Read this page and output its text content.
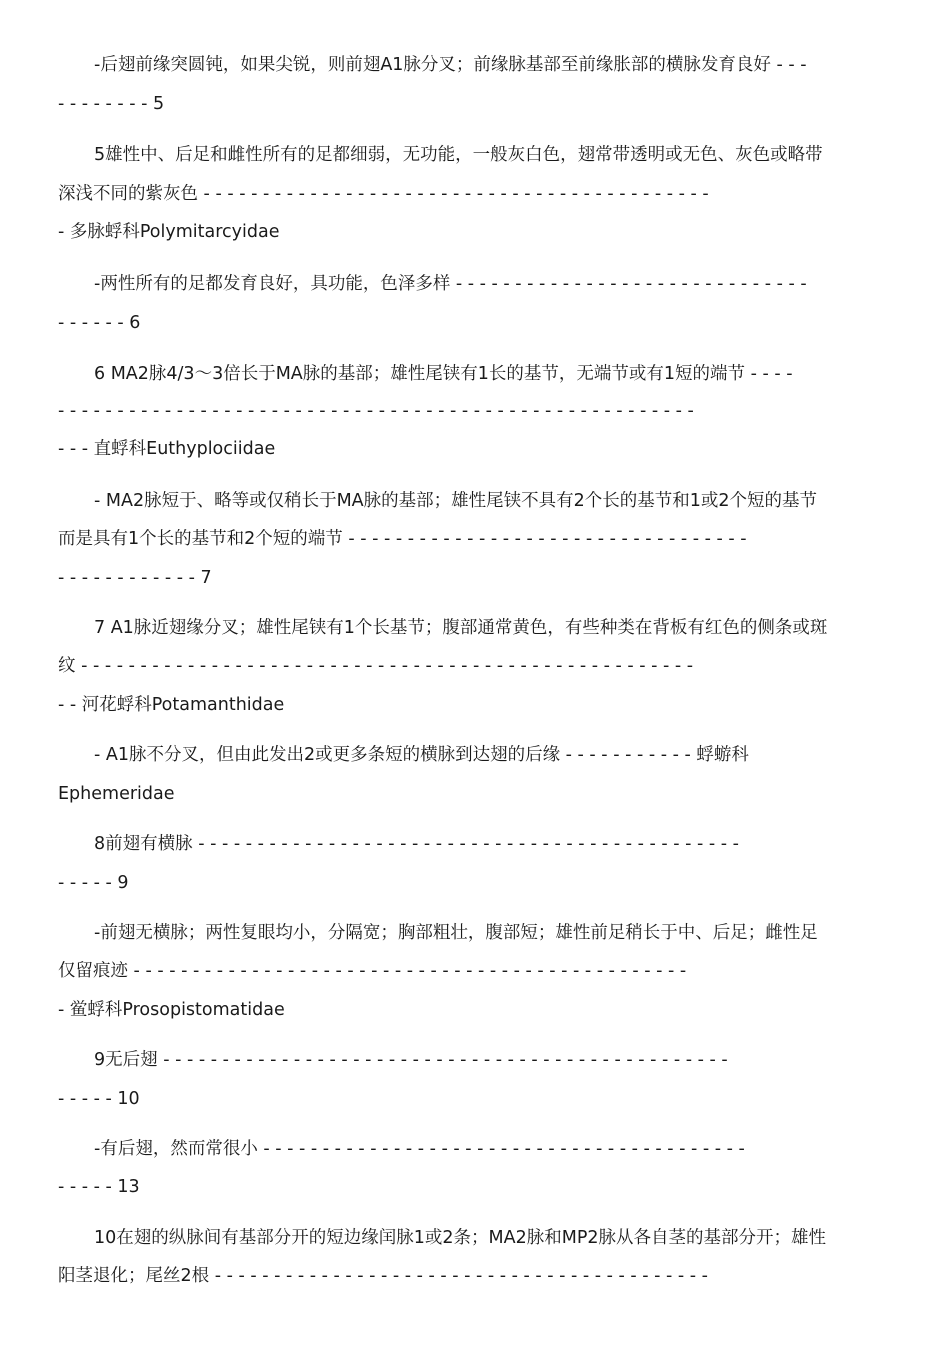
-后翅前缘突圆钝，如果尖锐，则前翅A1脉分叉；前缘脉基部至前缘胀部的横脉发育良好 - - -
- - - - - - - - 5
5雄性中、后足和雌性所有的足都细弱，无功能，一般灰白色，翅常带透明或无色、灰色或略带
深浅不同的紫灰色 - - - - - - - - - - - - - - - - - - - - - - - - - - - - - - - - - - - - - - - - - - -
- 多脉蜉科Polymitarcyidae
-两性所有的足都发育良好，具功能，色泽多样 - - - - - - - - - - - - - - - - - - - - - - - - - - - - - -
- - - - - - 6
6 MA2脉4/3～3倍长于MA脉的基部；雄性尾铗有1长的基节，无端节或有1短的端节 - - - -
- - - - - - - - - - - - - - - - - - - - - - - - - - - - - - - - - - - - - - - - - - - - - - - - - - - - - -
- - - 直蜉科Euthyplociidae
- MA2脉短于、略等或仅稍长于MA脉的基部；雄性尾铗不具有2个长的基节和1或2个短的基节
而是具有1个长的基节和2个短的端节 - - - - - - - - - - - - - - - - - - - - - - - - - - - - - - - - - -
- - - - - - - - - - - - 7
7 A1脉近翅缘分叉；雄性尾铗有1个长基节；腹部通常黄色，有些种类在背板有红色的侧条或斑
纹 - - - - - - - - - - - - - - - - - - - - - - - - - - - - - - - - - - - - - - - - - - - - - - - - - - - -
- - 河花蜉科Potamanthidae
- A1脉不分叉，但由此发出2或更多条短的横脉到达翅的后缘 - - - - - - - - - - - 蜉蝣科
Ephemeridae
8前翅有横脉 - - - - - - - - - - - - - - - - - - - - - - - - - - - - - - - - - - - - - - - - - - - - - -
- - - - - 9
-前翅无横脉；两性复眼均小，分隔宽；胸部粗壮，腹部短；雄性前足稍长于中、后足；雌性足
仅留痕迹 - - - - - - - - - - - - - - - - - - - - - - - - - - - - - - - - - - - - - - - - - - - - - - -
- 鲎蜉科Prosopistomatidae
9无后翅 - - - - - - - - - - - - - - - - - - - - - - - - - - - - - - - - - - - - - - - - - - - - - - - -
- - - - - 10
-有后翅，然而常很小 - - - - - - - - - - - - - - - - - - - - - - - - - - - - - - - - - - - - - - - - -
- - - - - 13
10在翅的纵脉间有基部分开的短边缘闰脉1或2条；MA2脉和MP2脉从各自茎的基部分开；雄性
阳茎退化；尾丝2根 - - - - - - - - - - - - - - - - - - - - - - - - - - - - - - - - - - - - - - - - - -
